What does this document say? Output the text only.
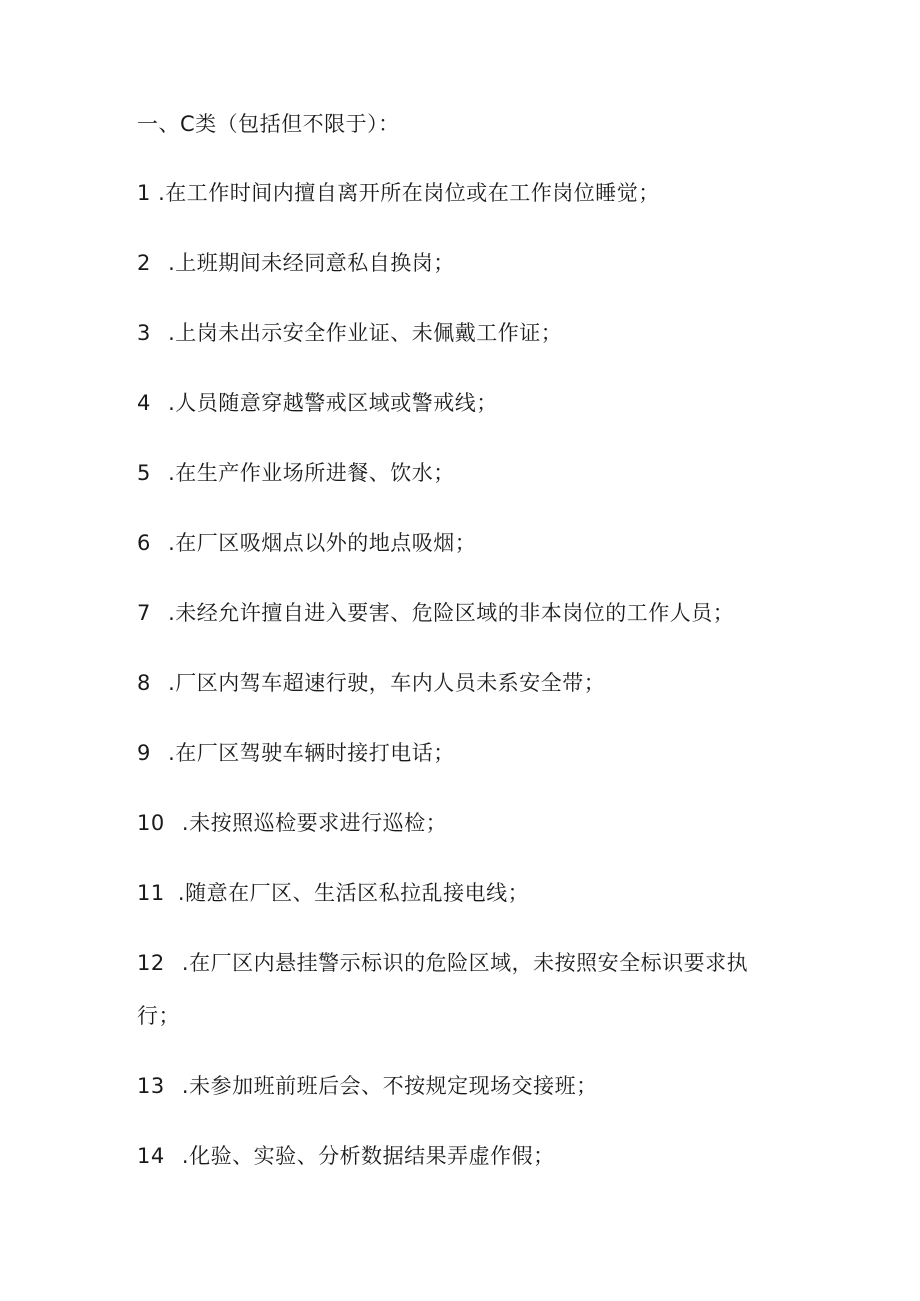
一、C类（包括但不限于）：
1 .在工作时间内擅自离开所在岗位或在工作岗位睡觉；
2 .上班期间未经同意私自换岗；
3 .上岗未出示安全作业证、未佩戴工作证；
4 .人员随意穿越警戒区域或警戒线；
5 .在生产作业场所进餐、饮水；
6 .在厂区吸烟点以外的地点吸烟；
7 .未经允许擅自进入要害、危险区域的非本岗位的工作人员；
8 .厂区内驾车超速行驶，车内人员未系安全带；
9 .在厂区驾驶车辆时接打电话；
10 .未按照巡检要求进行巡检；
11 .随意在厂区、生活区私拉乱接电线；
12 .在厂区内悬挂警示标识的危险区域，未按照安全标识要求执
行；
13 .未参加班前班后会、不按规定现场交接班；
14 .化验、实验、分析数据结果弄虚作假；
